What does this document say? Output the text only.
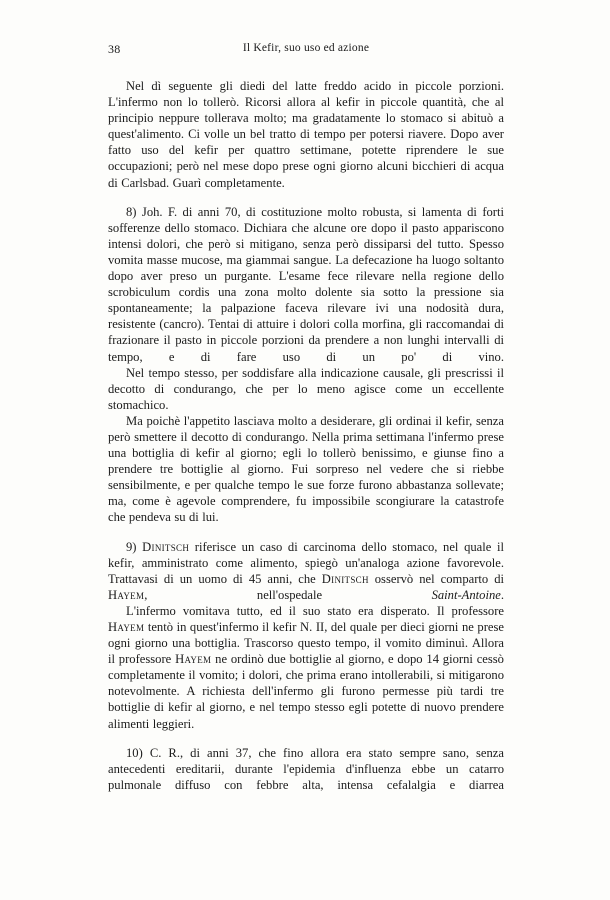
38	Il Kefir, suo uso ed azione

Nel dì seguente gli diedi del latte freddo acido in piccole porzioni. L'infermo non lo tollerò. Ricorsi allora al kefir in piccole quantità, che al principio neppure tollerava molto; ma gradatamente lo stomaco si abituò a quest'alimento. Ci volle un bel tratto di tempo per potersi riavere. Dopo aver fatto uso del kefir per quattro settimane, potette riprendere le sue occupazioni; però nel mese dopo prese ogni giorno alcuni bicchieri di acqua di Carlsbad. Guarì completamente.

8) Joh. F. di anni 70, di costituzione molto robusta, si lamenta di forti sofferenze dello stomaco. Dichiara che alcune ore dopo il pasto appariscono intensi dolori, che però si mitigano, senza però dissiparsi del tutto. Spesso vomita masse mucose, ma giammai sangue. La defecazione ha luogo soltanto dopo aver preso un purgante. L'esame fece rilevare nella regione dello scrobiculum cordis una zona molto dolente sia sotto la pressione sia spontaneamente; la palpazione faceva rilevare ivi una nodosità dura, resistente (cancro). Tentai di attuire i dolori colla morfina, gli raccomandai di frazionare il pasto in piccole porzioni da prendere a non lunghi intervalli di tempo, e di fare uso di un po' di vino.

Nel tempo stesso, per soddisfare alla indicazione causale, gli prescrissi il decotto di condurango, che per lo meno agisce come un eccellente stomachico.

Ma poichè l'appetito lasciava molto a desiderare, gli ordinai il kefir, senza però smettere il decotto di condurango. Nella prima settimana l'infermo prese una bottiglia di kefir al giorno; egli lo tollerò benissimo, e giunse fino a prendere tre bottiglie al giorno. Fui sorpreso nel vedere che si riebbe sensibilmente, e per qualche tempo le sue forze furono abbastanza sollevate; ma, come è agevole comprendere, fu impossibile scongiurare la catastrofe che pendeva su di lui.

9) Dinitsch riferisce un caso di carcinoma dello stomaco, nel quale il kefir, amministrato come alimento, spiegò un'analoga azione favorevole. Trattavasi di un uomo di 45 anni, che Dinitsch osservò nel comparto di Hayem, nell'ospedale Saint-Antoine.

L'infermo vomitava tutto, ed il suo stato era disperato. Il professore Hayem tentò in quest'infermo il kefir N. II, del quale per dieci giorni ne prese ogni giorno una bottiglia. Trascorso questo tempo, il vomito diminuì. Allora il professore Hayem ne ordinò due bottiglie al giorno, e dopo 14 giorni cessò completamente il vomito; i dolori, che prima erano intollerabili, si mitigarono notevolmente. A richiesta dell'infermo gli furono permesse più tardi tre bottiglie di kefir al giorno, e nel tempo stesso egli potette di nuovo prendere alimenti leggieri.

10) C. R., di anni 37, che fino allora era stato sempre sano, senza antecedenti ereditarii, durante l'epidemia d'influenza ebbe un catarro pulmonale diffuso con febbre alta, intensa cefalalgia e diarrea
